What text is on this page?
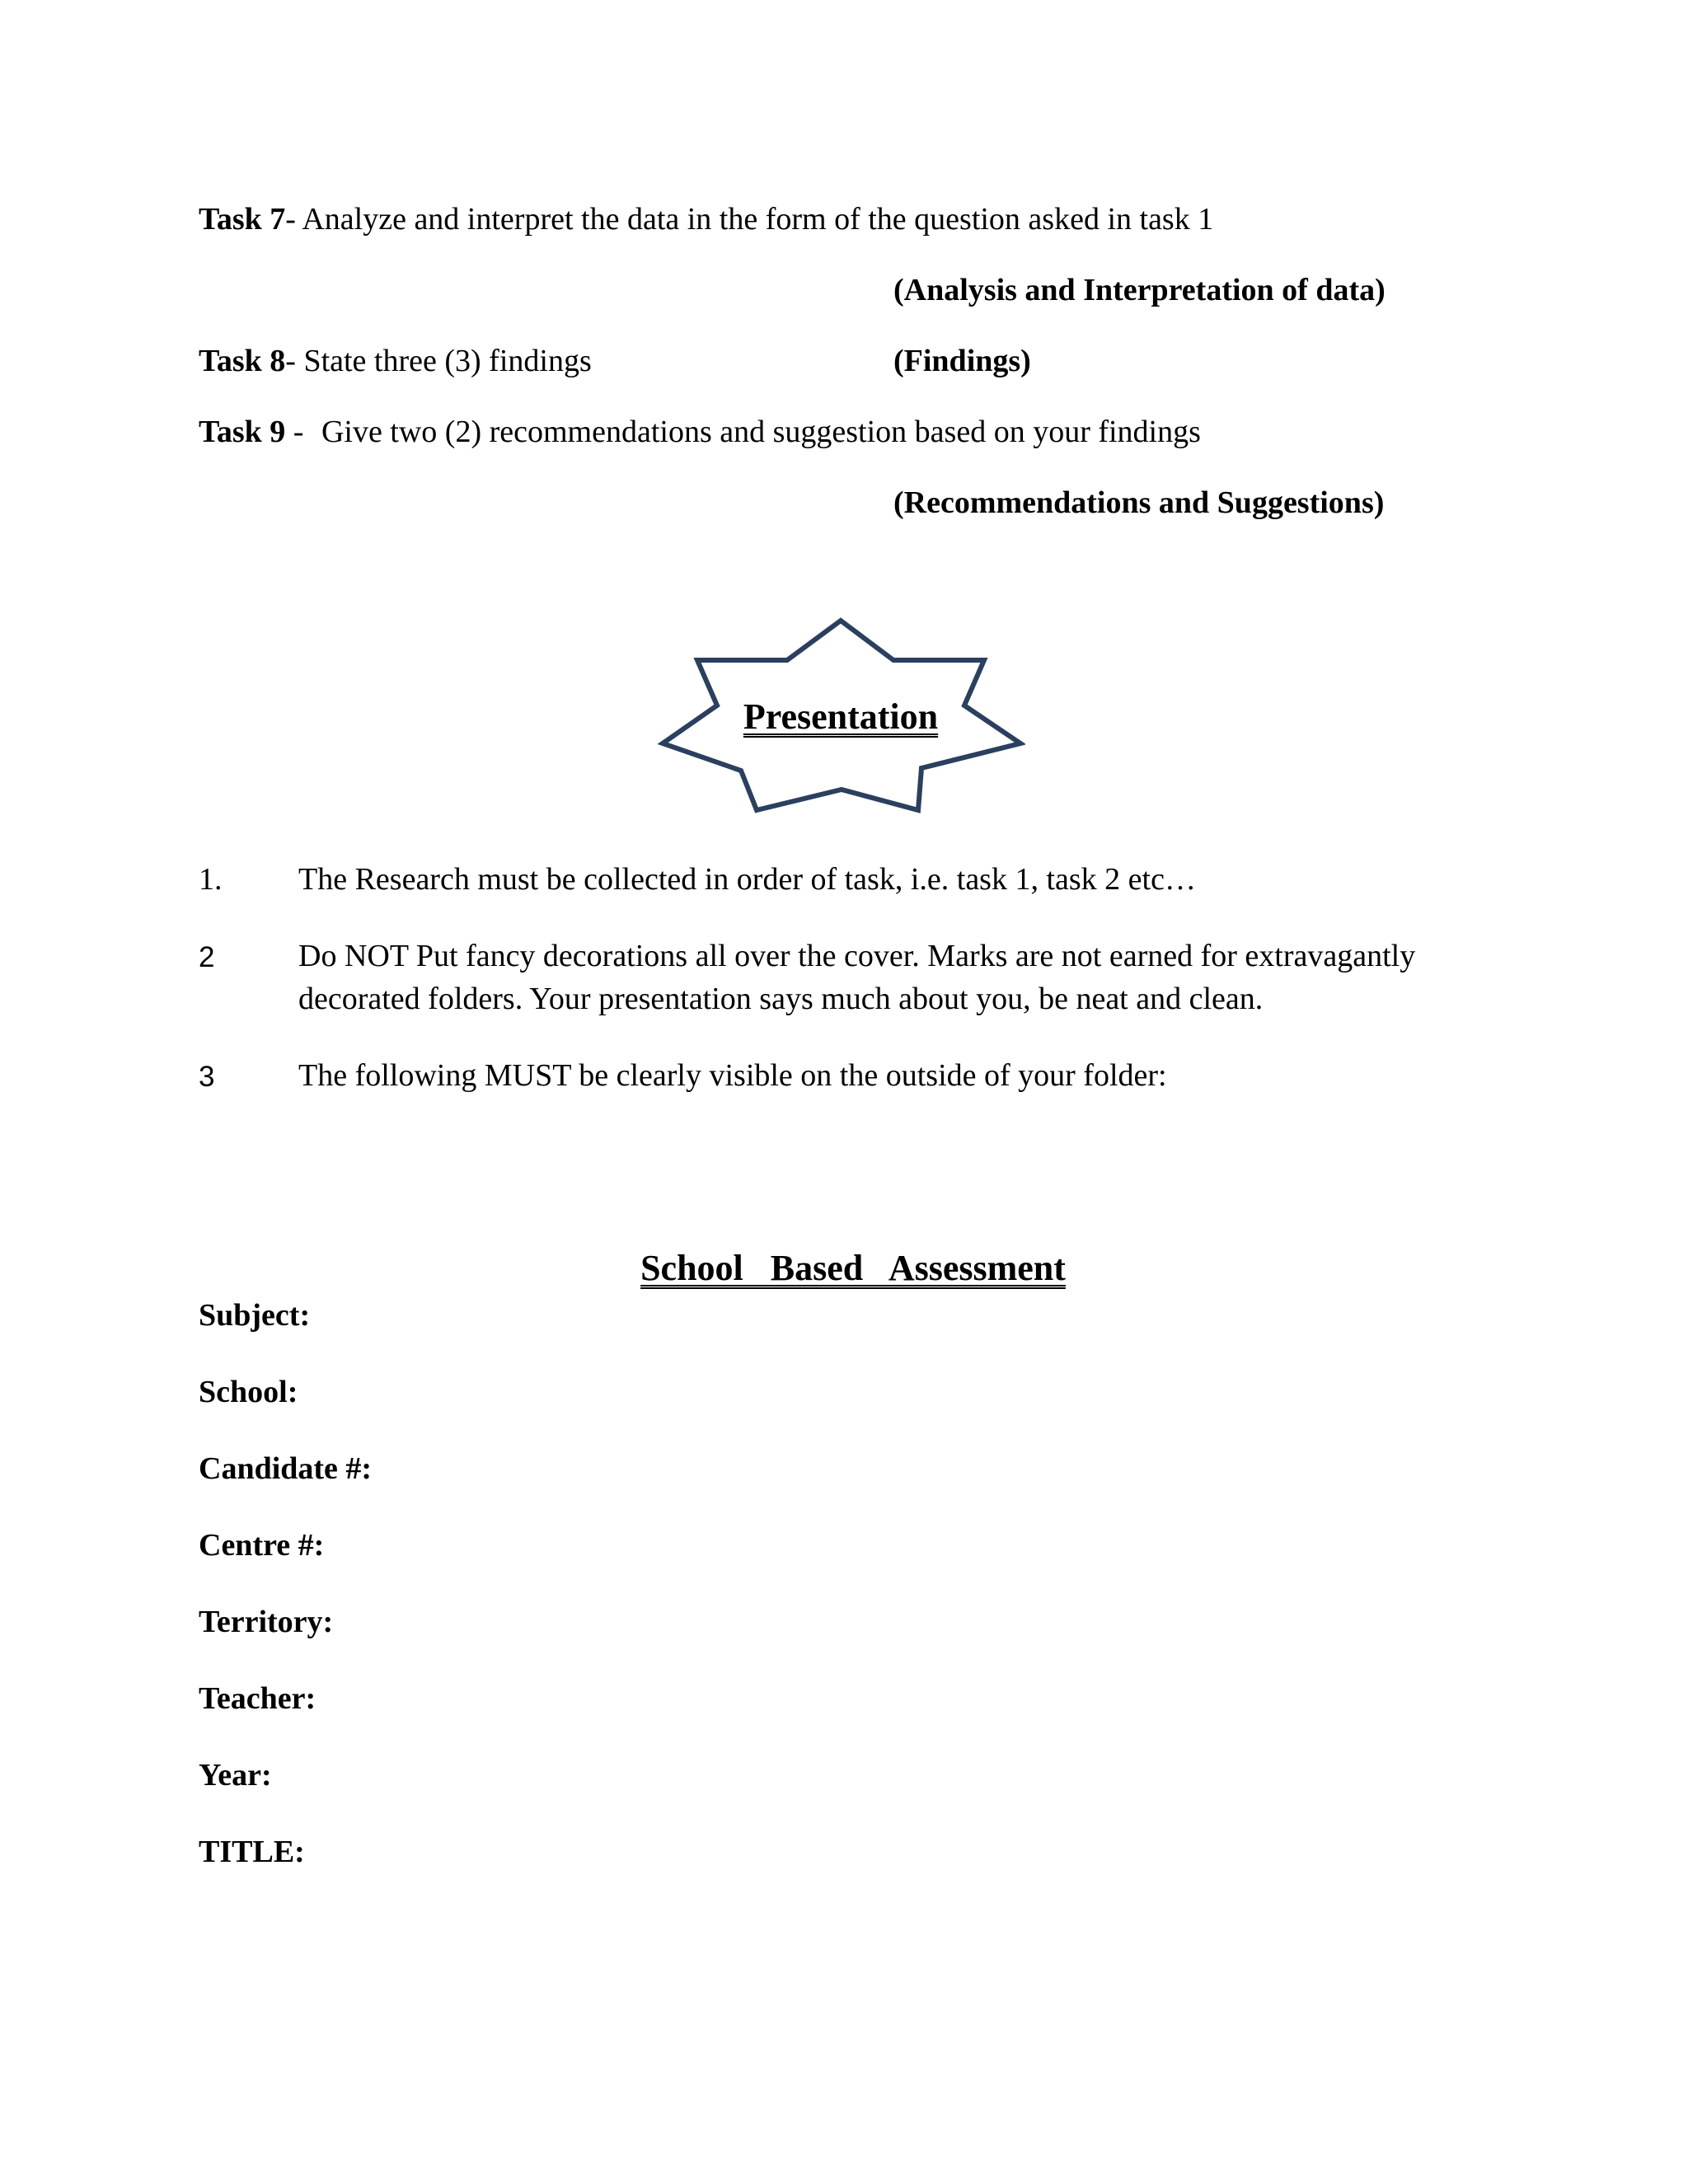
Task 7- Analyze and interpret the data in the form of the question asked in task 1
(Analysis and Interpretation of data)
Task 8- State three (3) findings	(Findings)
Task 9 - Give two (2) recommendations and suggestion based on your findings
(Recommendations and Suggestions)
Presentation
1. The Research must be collected in order of task, i.e. task 1, task 2 etc…
2	Do NOT Put fancy decorations all over the cover. Marks are not earned for extravagantly
decorated folders. Your presentation says much about you, be neat and clean.
3	The following MUST be clearly visible on the outside of your folder:

School   Based   Assessment

Subject:
School:
Candidate #:
Centre #:
Territory:
Teacher:
Year:
TITLE:
